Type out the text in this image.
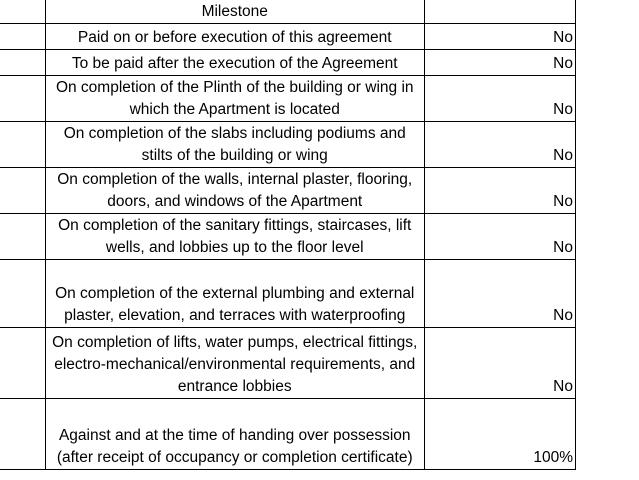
	Milestone	
	Paid on or before execution of this agreement	No
	To be paid after the execution of the Agreement	No
	On completion of the Plinth of the building or wing in which the Apartment is located	No
	On completion of the slabs including podiums and stilts of the building or wing	No
	On completion of the walls, internal plaster, flooring, doors, and windows of the Apartment	No
	On completion of the sanitary fittings, staircases, lift wells, and lobbies up to the floor level	No
	On completion of the external plumbing and external plaster, elevation, and terraces with waterproofing	No
	On completion of lifts, water pumps, electrical fittings, electro-mechanical/environmental requirements, and entrance lobbies	No
	Against and at the time of handing over possession (after receipt of occupancy or completion certificate)	100%
